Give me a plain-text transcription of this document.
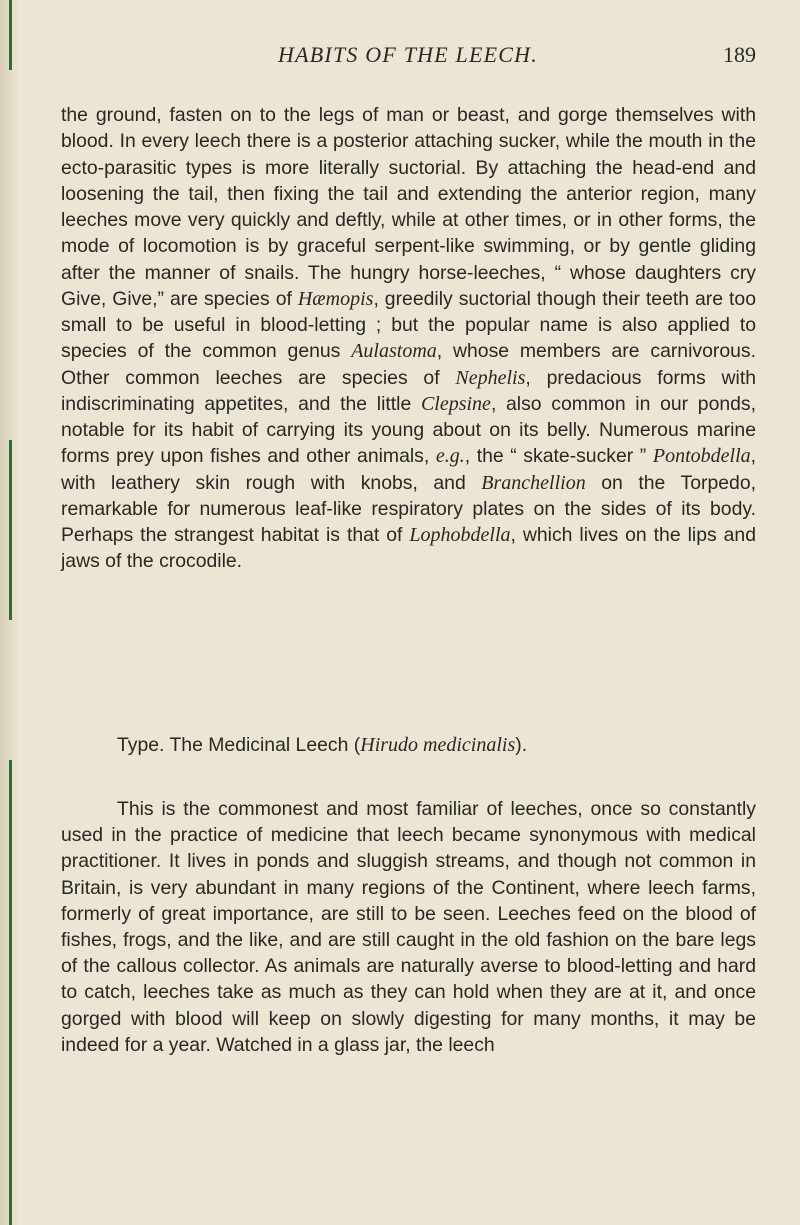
HABITS OF THE LEECH.	189

the ground, fasten on to the legs of man or beast, and gorge themselves with blood. In every leech there is a posterior attaching sucker, while the mouth in the ecto-parasitic types is more literally suctorial. By attaching the head-end and loosening the tail, then fixing the tail and extending the anterior region, many leeches move very quickly and deftly, while at other times, or in other forms, the mode of locomotion is by graceful serpent-like swimming, or by gentle gliding after the manner of snails. The hungry horse-leeches, “ whose daughters cry Give, Give,” are species of Hæmopis, greedily suctorial though their teeth are too small to be useful in blood-letting ; but the popular name is also applied to species of the common genus Aulastoma, whose members are carnivorous. Other common leeches are species of Nephelis, predacious forms with indiscriminating appetites, and the little Clepsine, also common in our ponds, notable for its habit of carrying its young about on its belly. Numerous marine forms prey upon fishes and other animals, e.g., the “ skate-sucker ” Pontobdella, with leathery skin rough with knobs, and Branchellion on the Torpedo, remarkable for numerous leaf-like respiratory plates on the sides of its body. Perhaps the strangest habitat is that of Lophobdella, which lives on the lips and jaws of the crocodile.

Type. The Medicinal Leech (Hirudo medicinalis).

This is the commonest and most familiar of leeches, once so constantly used in the practice of medicine that leech became synonymous with medical practitioner. It lives in ponds and sluggish streams, and though not common in Britain, is very abundant in many regions of the Continent, where leech farms, formerly of great importance, are still to be seen. Leeches feed on the blood of fishes, frogs, and the like, and are still caught in the old fashion on the bare legs of the callous collector. As animals are naturally averse to blood-letting and hard to catch, leeches take as much as they can hold when they are at it, and once gorged with blood will keep on slowly digesting for many months, it may be indeed for a year. Watched in a glass jar, the leech
